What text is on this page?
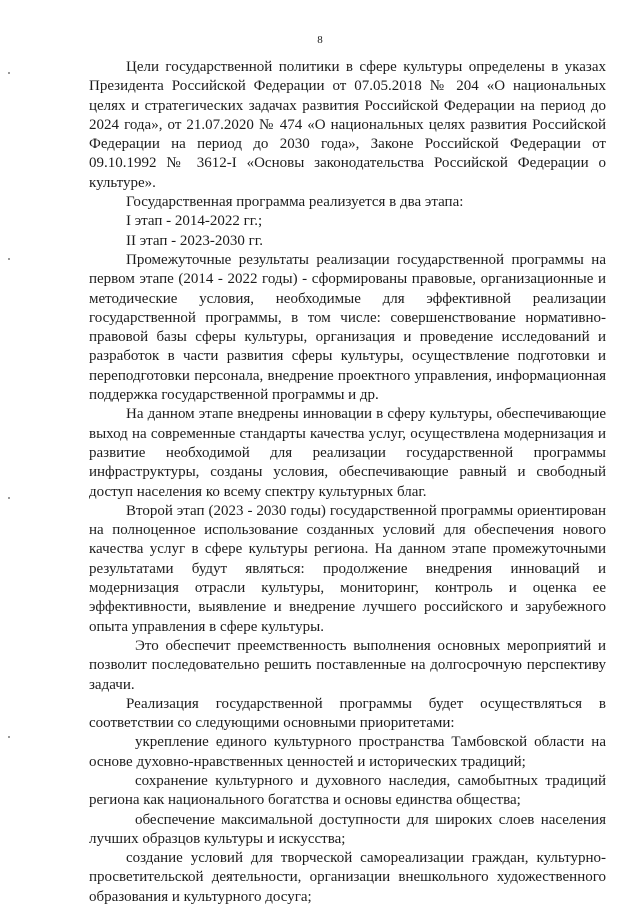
8

Цели государственной политики в сфере культуры определены в указах Президента Российской Федерации от 07.05.2018 № 204 «О национальных целях и стратегических задачах развития Российской Федерации на период до 2024 года», от 21.07.2020 № 474 «О национальных целях развития Российской Федерации на период до 2030 года», Законе Российской Федерации от 09.10.1992 № 3612-I «Основы законодательства Российской Федерации о культуре».

Государственная программа реализуется в два этапа:

I этап - 2014-2022 гг.;

II этап - 2023-2030 гг.

Промежуточные результаты реализации государственной программы на первом этапе (2014 - 2022 годы) - сформированы правовые, организационные и методические условия, необходимые для эффективной реализации государственной программы, в том числе: совершенствование нормативно-правовой базы сферы культуры, организация и проведение исследований и разработок в части развития сферы культуры, осуществление подготовки и переподготовки персонала, внедрение проектного управления, информационная поддержка государственной программы и др.

На данном этапе внедрены инновации в сферу культуры, обеспечивающие выход на современные стандарты качества услуг, осуществлена модернизация и развитие необходимой для реализации государственной программы инфраструктуры, созданы условия, обеспечивающие равный и свободный доступ населения ко всему спектру культурных благ.

Второй этап (2023 - 2030 годы) государственной программы ориентирован на полноценное использование созданных условий для обеспечения нового качества услуг в сфере культуры региона. На данном этапе промежуточными результатами будут являться: продолжение внедрения инноваций и модернизация отрасли культуры, мониторинг, контроль и оценка ее эффективности, выявление и внедрение лучшего российского и зарубежного опыта управления в сфере культуры.

Это обеспечит преемственность выполнения основных мероприятий и позволит последовательно решить поставленные на долгосрочную перспективу задачи.

Реализация государственной программы будет осуществляться в соответствии со следующими основными приоритетами:

укрепление единого культурного пространства Тамбовской области на основе духовно-нравственных ценностей и исторических традиций;

сохранение культурного и духовного наследия, самобытных традиций региона как национального богатства и основы единства общества;

обеспечение максимальной доступности для широких слоев населения лучших образцов культуры и искусства;

создание условий для творческой самореализации граждан, культурно-просветительской деятельности, организации внешкольного художественного образования и культурного досуга;
